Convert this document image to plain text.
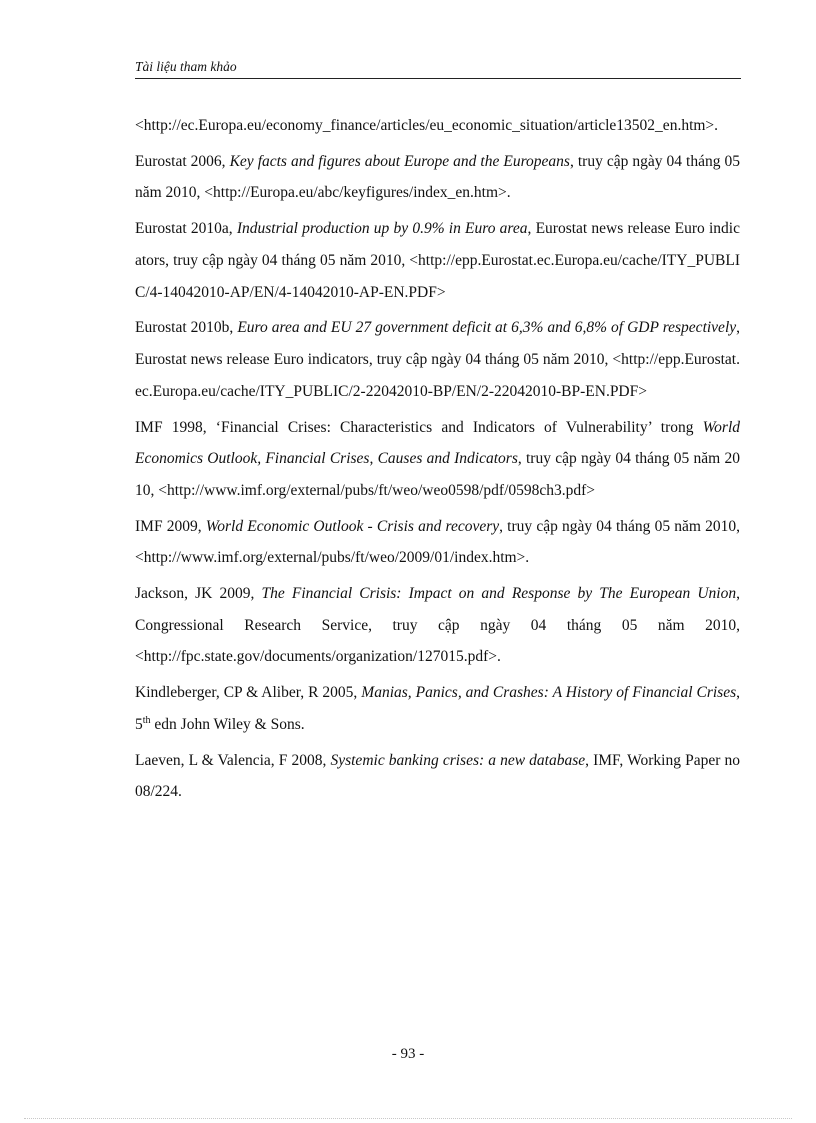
Tài liệu tham khảo

<http://ec.Europa.eu/economy_finance/articles/eu_economic_situation/article13502_en.htm>.

Eurostat 2006, Key facts and figures about Europe and the Europeans, truy cập ngày 04 tháng 05 năm 2010, <http://Europa.eu/abc/keyfigures/index_en.htm>.

Eurostat 2010a, Industrial production up by 0.9% in Euro area, Eurostat news release Euro indicators, truy cập ngày 04 tháng 05 năm 2010, <http://epp.Eurostat.ec.Europa.eu/cache/ITY_PUBLIC/4-14042010-AP/EN/4-14042010-AP-EN.PDF>

Eurostat 2010b, Euro area and EU 27 government deficit at 6,3% and 6,8% of GDP respectively, Eurostat news release Euro indicators, truy cập ngày 04 tháng 05 năm 2010, <http://epp.Eurostat.ec.Europa.eu/cache/ITY_PUBLIC/2-22042010-BP/EN/2-22042010-BP-EN.PDF>

IMF 1998, ‘Financial Crises: Characteristics and Indicators of Vulnerability’ trong World Economics Outlook, Financial Crises, Causes and Indicators, truy cập ngày 04 tháng 05 năm 2010, <http://www.imf.org/external/pubs/ft/weo/weo0598/pdf/0598ch3.pdf>

IMF 2009, World Economic Outlook - Crisis and recovery, truy cập ngày 04 tháng 05 năm 2010, <http://www.imf.org/external/pubs/ft/weo/2009/01/index.htm>.

Jackson, JK 2009, The Financial Crisis: Impact on and Response by The European Union, Congressional Research Service, truy cập ngày 04 tháng 05 năm 2010, <http://fpc.state.gov/documents/organization/127015.pdf>.

Kindleberger, CP & Aliber, R 2005, Manias, Panics, and Crashes: A History of Financial Crises, 5th edn John Wiley & Sons.

Laeven, L & Valencia, F 2008, Systemic banking crises: a new database, IMF, Working Paper no 08/224.

- 93 -
